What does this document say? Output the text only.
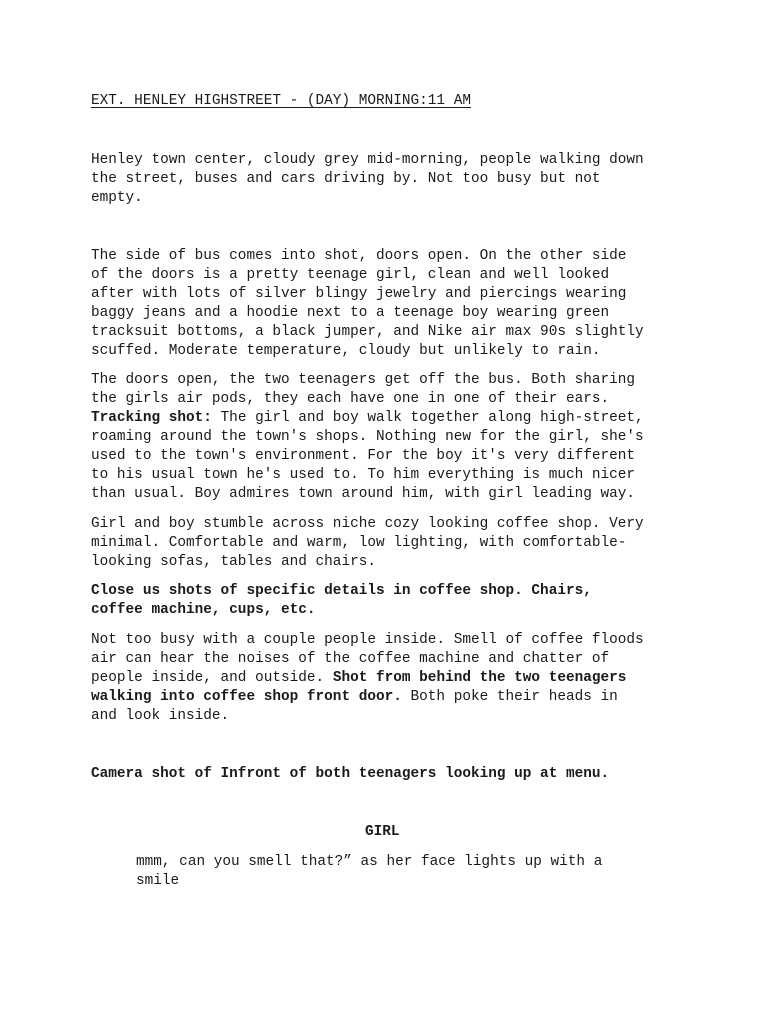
EXT. HENLEY HIGHSTREET - (DAY) MORNING:11 AM

Henley town center, cloudy grey mid-morning, people walking down
the street, buses and cars driving by. Not too busy but not
empty.

The side of bus comes into shot, doors open. On the other side
of the doors is a pretty teenage girl, clean and well looked
after with lots of silver blingy jewelry and piercings wearing
baggy jeans and a hoodie next to a teenage boy wearing green
tracksuit bottoms, a black jumper, and Nike air max 90s slightly
scuffed. Moderate temperature, cloudy but unlikely to rain.

The doors open, the two teenagers get off the bus. Both sharing
the girls air pods, they each have one in one of their ears.
Tracking shot: The girl and boy walk together along high-street,
roaming around the town's shops. Nothing new for the girl, she's
used to the town's environment. For the boy it's very different
to his usual town he's used to. To him everything is much nicer
than usual. Boy admires town around him, with girl leading way.

Girl and boy stumble across niche cozy looking coffee shop. Very
minimal. Comfortable and warm, low lighting, with comfortable-
looking sofas, tables and chairs.

Close us shots of specific details in coffee shop. Chairs,
coffee machine, cups, etc.

Not too busy with a couple people inside. Smell of coffee floods
air can hear the noises of the coffee machine and chatter of
people inside, and outside. Shot from behind the two teenagers
walking into coffee shop front door. Both poke their heads in
and look inside.

Camera shot of Infront of both teenagers looking up at menu.

GIRL

mmm, can you smell that?” as her face lights up with a
smile
